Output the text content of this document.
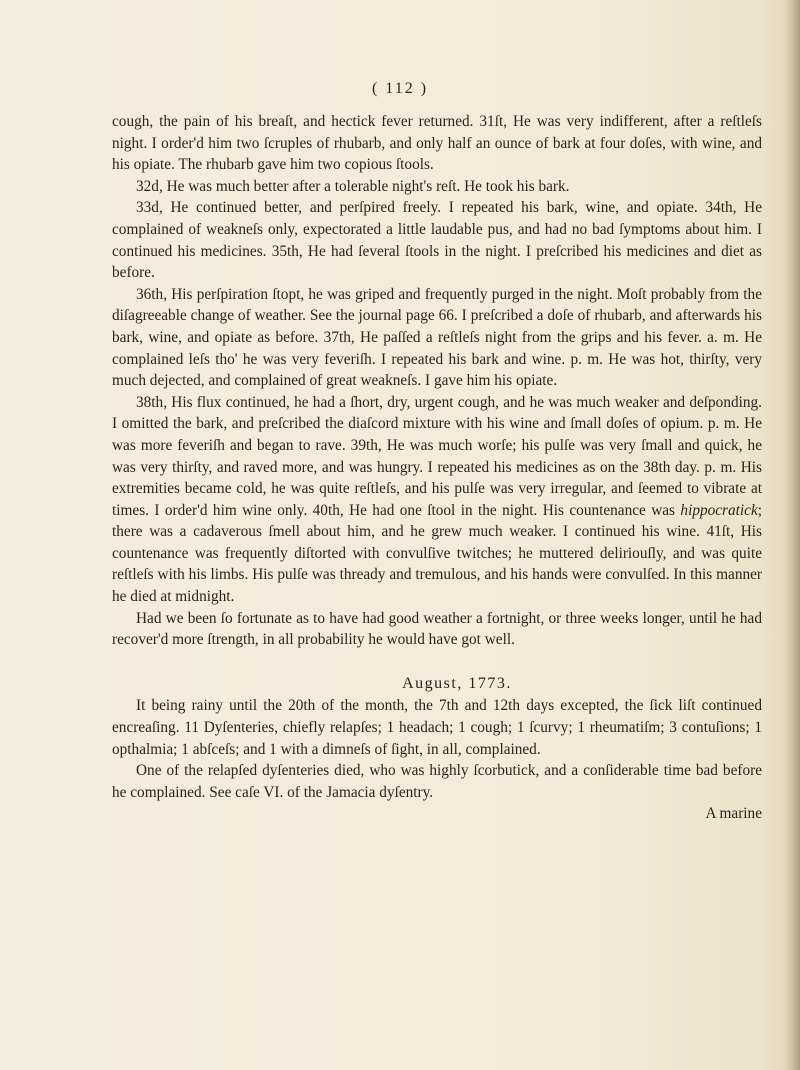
( 112 )

cough, the pain of his breaſt, and hectick fever returned. 31ſt, He was very indifferent, after a reſtleſs night. I order'd him two ſcruples of rhubarb, and only half an ounce of bark at four doſes, with wine, and his opiate. The rhubarb gave him two copious ſtools.

32d, He was much better after a tolerable night's reſt. He took his bark.

33d, He continued better, and perſpired freely. I repeated his bark, wine, and opiate. 34th, He complained of weakneſs only, expectorated a little laudable pus, and had no bad ſymptoms about him. I continued his medicines. 35th, He had ſeveral ſtools in the night. I preſcribed his medicines and diet as before.

36th, His perſpiration ſtopt, he was griped and frequently purged in the night. Moſt probably from the diſagreeable change of weather. See the journal page 66. I preſcribed a doſe of rhubarb, and afterwards his bark, wine, and opiate as before. 37th, He paſſed a reſtleſs night from the grips and his fever. a. m. He complained leſs tho' he was very feveriſh. I repeated his bark and wine. p. m. He was hot, thirſty, very much dejected, and complained of great weakneſs. I gave him his opiate.

38th, His flux continued, he had a ſhort, dry, urgent cough, and he was much weaker and deſponding. I omitted the bark, and preſcribed the diaſcord mixture with his wine and ſmall doſes of opium. p. m. He was more feveriſh and began to rave. 39th, He was much worſe; his pulſe was very ſmall and quick, he was very thirſty, and raved more, and was hungry. I repeated his medicines as on the 38th day. p. m. His extremities became cold, he was quite reſtleſs, and his pulſe was very irregular, and ſeemed to vibrate at times. I order'd him wine only. 40th, He had one ſtool in the night. His countenance was hippocratick; there was a cadaverous ſmell about him, and he grew much weaker. I continued his wine. 41ſt, His countenance was frequently diſtorted with convulſive twitches; he muttered deliriouſly, and was quite reſtleſs with his limbs. His pulſe was thready and tremulous, and his hands were convulſed. In this manner he died at midnight.

Had we been ſo fortunate as to have had good weather a fortnight, or three weeks longer, until he had recover'd more ſtrength, in all probability he would have got well.

August, 1773.

It being rainy until the 20th of the month, the 7th and 12th days excepted, the ſick liſt continued encreaſing. 11 Dyſenteries, chiefly relapſes; 1 headach; 1 cough; 1 ſcurvy; 1 rheumatiſm; 3 contuſions; 1 opthalmia; 1 abſceſs; and 1 with a dimneſs of ſight, in all, complained.

One of the relapſed dyſenteries died, who was highly ſcorbutick, and a conſiderable time bad before he complained. See caſe VI. of the Jamacia dyſentry.

A marine
